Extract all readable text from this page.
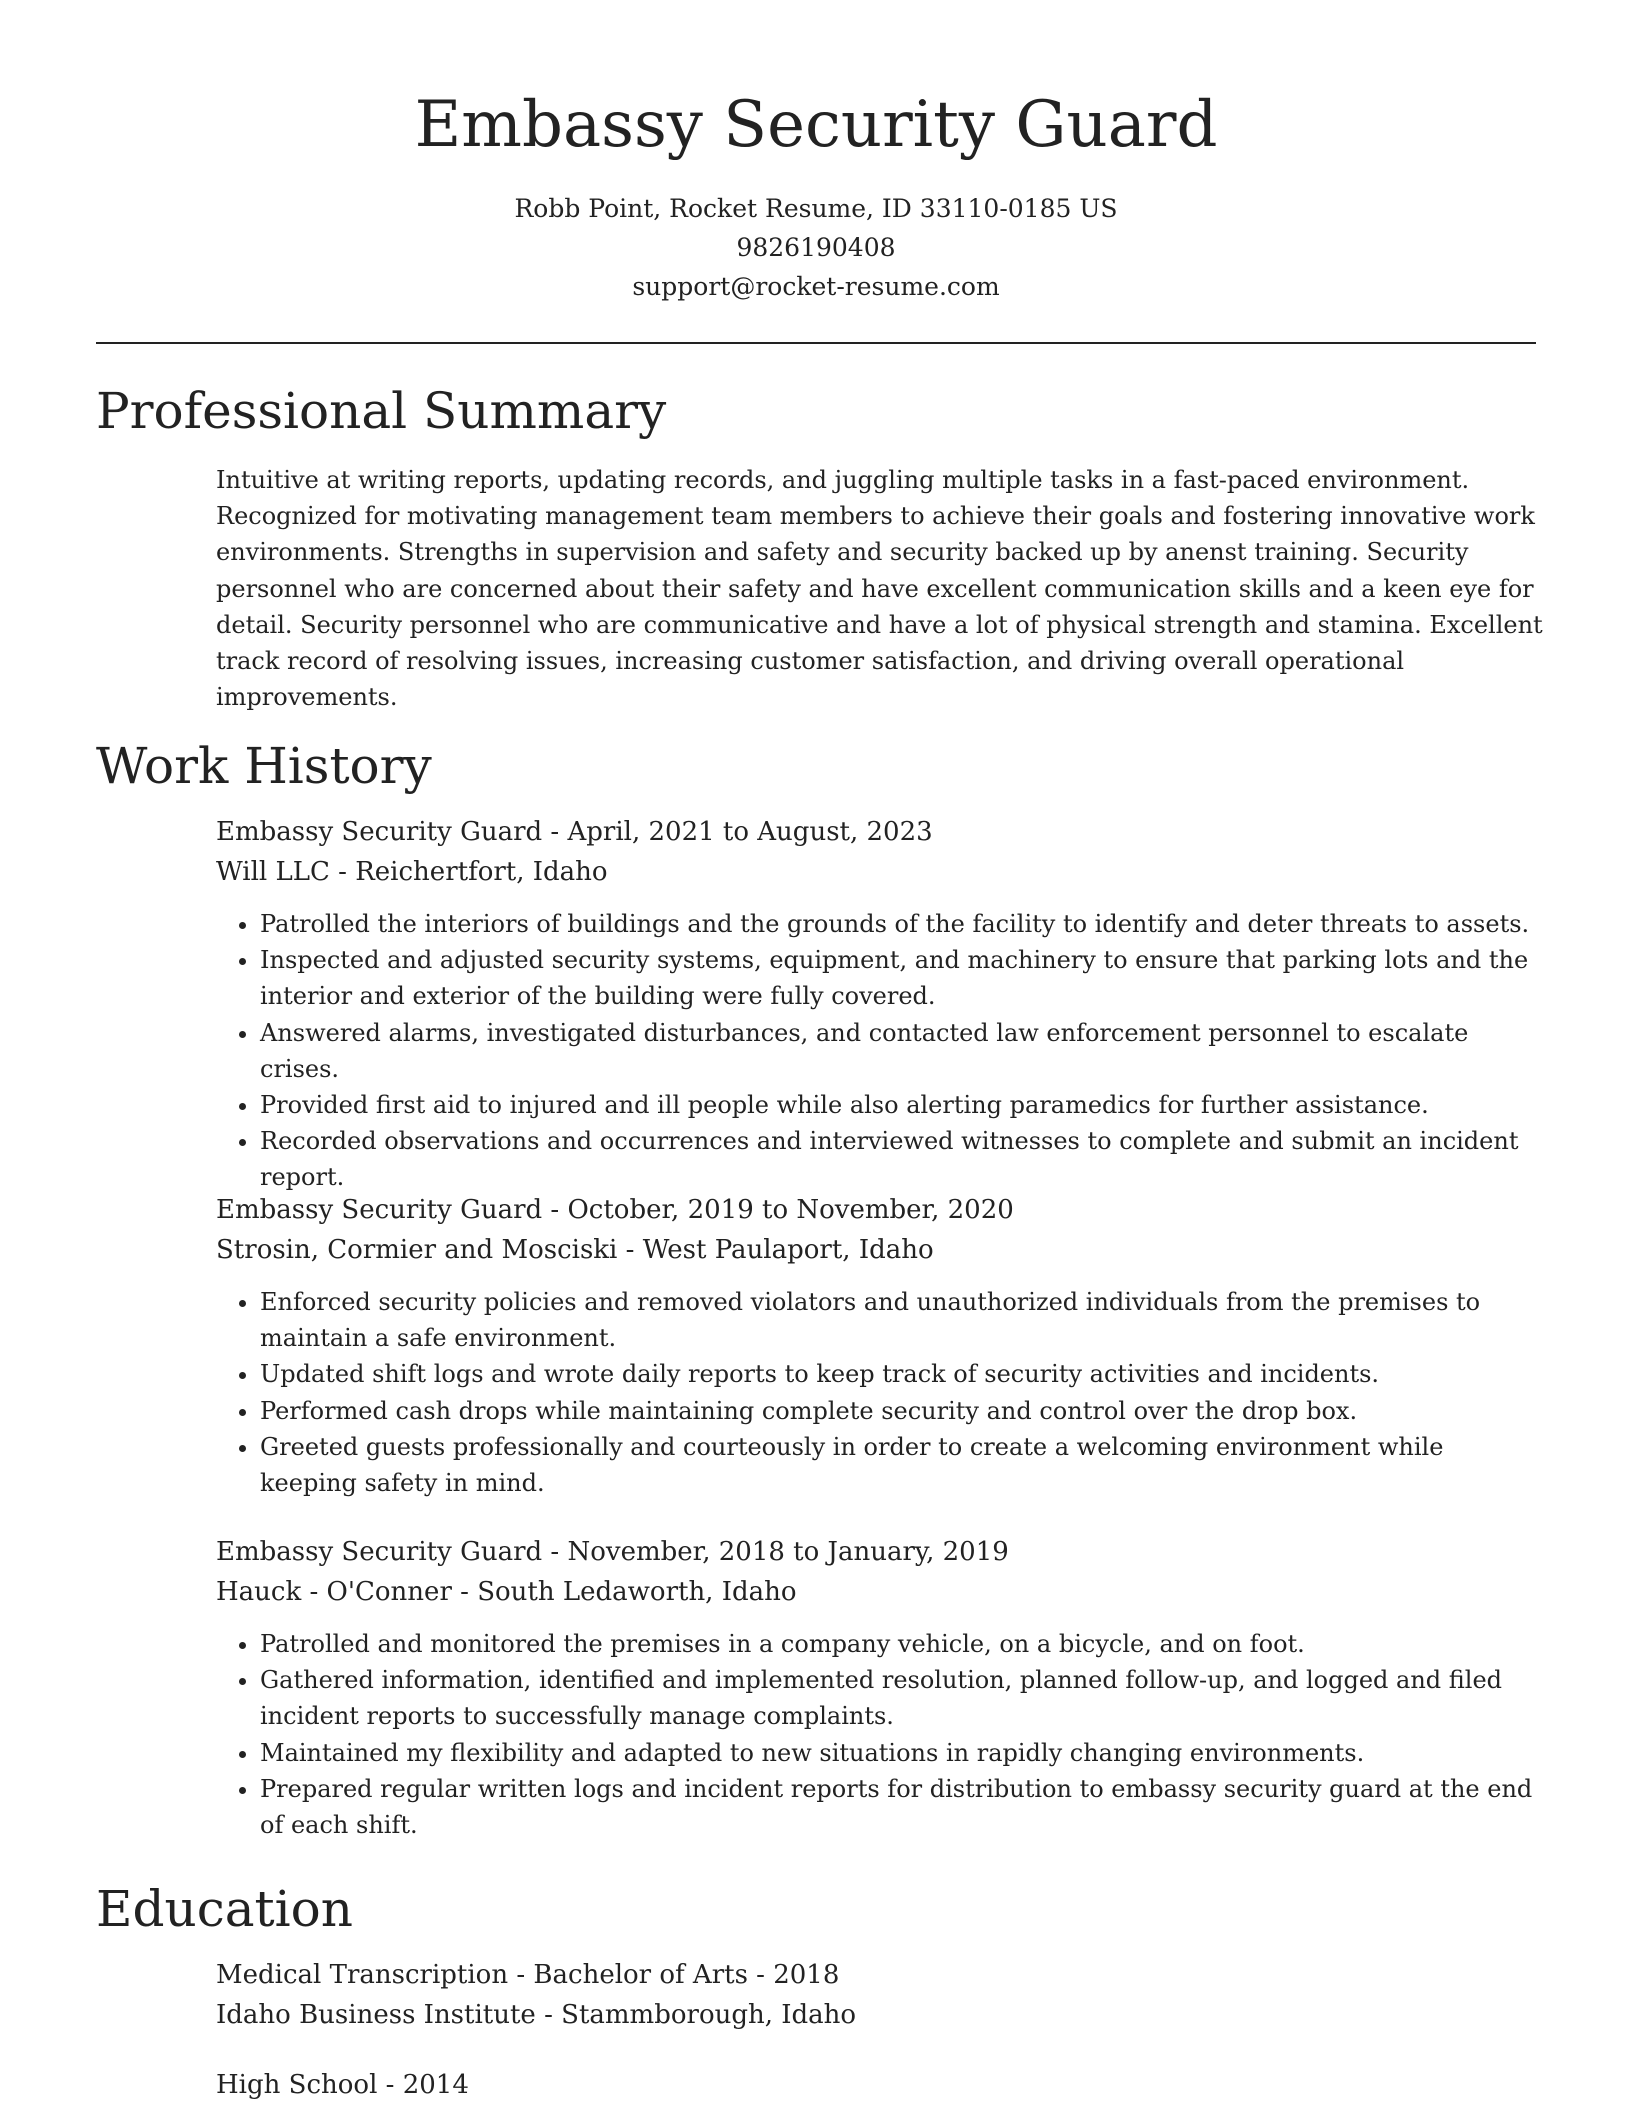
Embassy Security Guard
Robb Point, Rocket Resume, ID 33110-0185 US
9826190408
support@rocket-resume.com
Professional Summary

Intuitive at writing reports, updating records, and juggling multiple tasks in a fast-paced environment. Recognized for motivating management team members to achieve their goals and fostering innovative work environments. Strengths in supervision and safety and security backed up by anenst training. Security personnel who are concerned about their safety and have excellent communication skills and a keen eye for detail. Security personnel who are communicative and have a lot of physical strength and stamina. Excellent track record of resolving issues, increasing customer satisfaction, and driving overall operational improvements.

Work History
Embassy Security Guard - April, 2021 to August, 2023
Will LLC - Reichertfort, Idaho
• Patrolled the interiors of buildings and the grounds of the facility to identify and deter threats to assets.
• Inspected and adjusted security systems, equipment, and machinery to ensure that parking lots and the interior and exterior of the building were fully covered.
• Answered alarms, investigated disturbances, and contacted law enforcement personnel to escalate crises.
• Provided first aid to injured and ill people while also alerting paramedics for further assistance.
• Recorded observations and occurrences and interviewed witnesses to complete and submit an incident report.
Embassy Security Guard - October, 2019 to November, 2020
Strosin, Cormier and Mosciski - West Paulaport, Idaho
• Enforced security policies and removed violators and unauthorized individuals from the premises to maintain a safe environment.
• Updated shift logs and wrote daily reports to keep track of security activities and incidents.
• Performed cash drops while maintaining complete security and control over the drop box.
• Greeted guests professionally and courteously in order to create a welcoming environment while keeping safety in mind.
Embassy Security Guard - November, 2018 to January, 2019
Hauck - O'Conner - South Ledaworth, Idaho
• Patrolled and monitored the premises in a company vehicle, on a bicycle, and on foot.
• Gathered information, identified and implemented resolution, planned follow-up, and logged and filed incident reports to successfully manage complaints.
• Maintained my flexibility and adapted to new situations in rapidly changing environments.
• Prepared regular written logs and incident reports for distribution to embassy security guard at the end of each shift.
Education
Medical Transcription - Bachelor of Arts - 2018
Idaho Business Institute - Stammborough, Idaho
High School - 2014
